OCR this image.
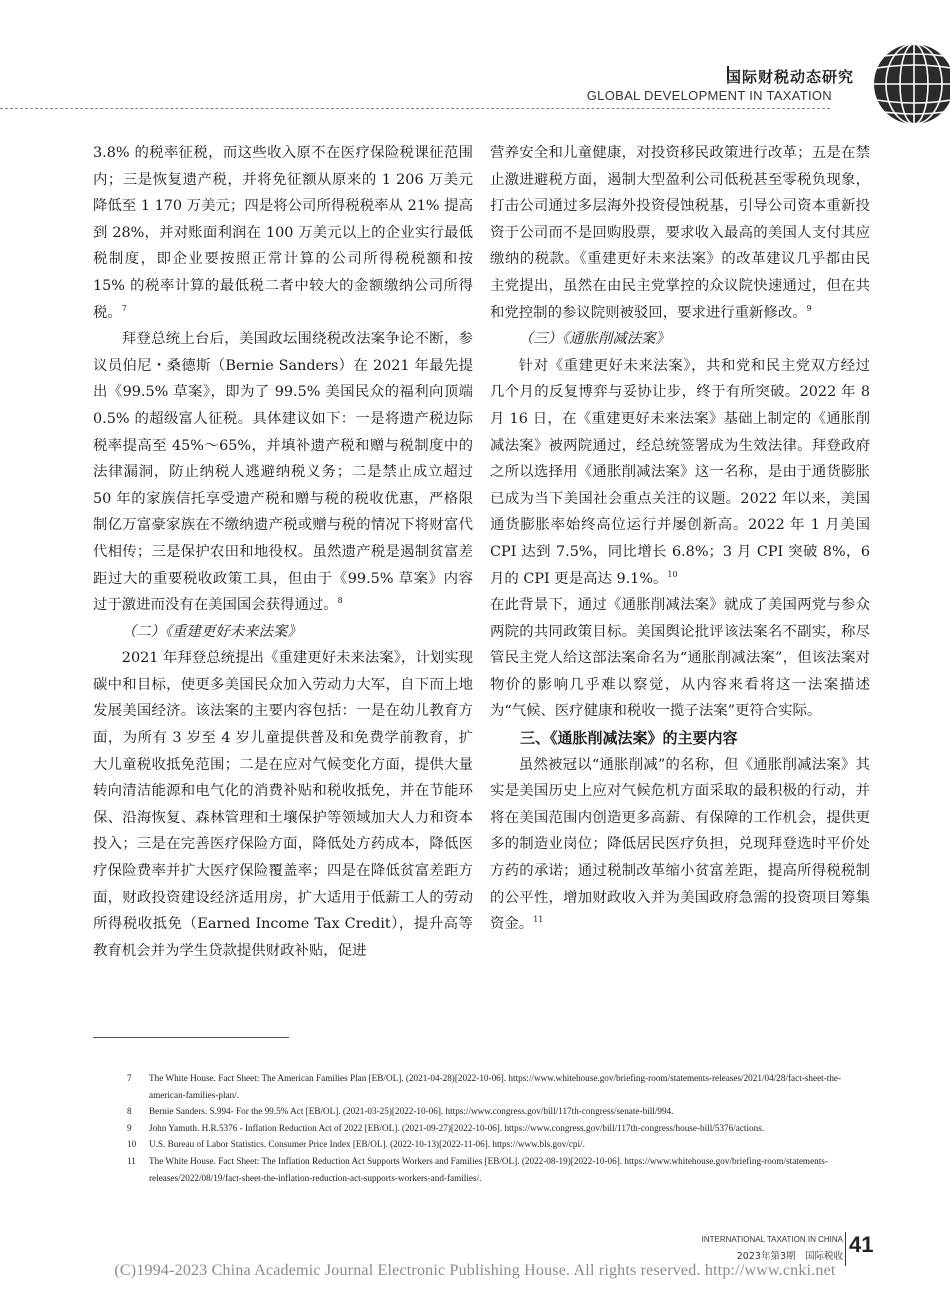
国际财税动态研究
GLOBAL DEVELOPMENT IN TAXATION

3.8% 的税率征税，而这些收入原不在医疗保险税课征范围内；三是恢复遗产税，并将免征额从原来的 1 206 万美元降低至 1 170 万美元；四是将公司所得税税率从 21% 提高到 28%，并对账面利润在 100 万美元以上的企业实行最低税制度，即企业要按照正常计算的公司所得税税额和按 15% 的税率计算的最低税二者中较大的金额缴纳公司所得税。$^7$

拜登总统上台后，美国政坛围绕税改法案争论不断，参议员伯尼・桑德斯（Bernie Sanders）在 2021 年最先提出《99.5% 草案》，即为了 99.5% 美国民众的福利向顶端 0.5% 的超级富人征税。具体建议如下：一是将遗产税边际税率提高至 45%～65%，并填补遗产税和赠与税制度中的法律漏洞，防止纳税人逃避纳税义务；二是禁止成立超过 50 年的家族信托享受遗产税和赠与税的税收优惠，严格限制亿万富豪家族在不缴纳遗产税或赠与税的情况下将财富代代相传；三是保护农田和地役权。虽然遗产税是遏制贫富差距过大的重要税收政策工具，但由于《99.5% 草案》内容过于激进而没有在美国国会获得通过。$^8$

（二）《重建更好未来法案》

2021 年拜登总统提出《重建更好未来法案》，计划实现碳中和目标，使更多美国民众加入劳动力大军，自下而上地发展美国经济。该法案的主要内容包括：一是在幼儿教育方面，为所有 3 岁至 4 岁儿童提供普及和免费学前教育，扩大儿童税收抵免范围；二是在应对气候变化方面，提供大量转向清洁能源和电气化的消费补贴和税收抵免，并在节能环保、沿海恢复、森林管理和土壤保护等领域加大人力和资本投入；三是在完善医疗保险方面，降低处方药成本，降低医疗保险费率并扩大医疗保险覆盖率；四是在降低贫富差距方面，财政投资建设经济适用房，扩大适用于低薪工人的劳动所得税收抵免（Earned Income Tax Credit），提升高等教育机会并为学生贷款提供财政补贴，促进

营养安全和儿童健康，对投资移民政策进行改革；五是在禁止激进避税方面，遏制大型盈利公司低税甚至零税负现象，打击公司通过多层海外投资侵蚀税基，引导公司资本重新投资于公司而不是回购股票，要求收入最高的美国人支付其应缴纳的税款。《重建更好未来法案》的改革建议几乎都由民主党提出，虽然在由民主党掌控的众议院快速通过，但在共和党控制的参议院则被驳回，要求进行重新修改。$^9$

（三）《通胀削减法案》

针对《重建更好未来法案》，共和党和民主党双方经过几个月的反复博弈与妥协让步，终于有所突破。2022 年 8 月 16 日，在《重建更好未来法案》基础上制定的《通胀削减法案》被两院通过，经总统签署成为生效法律。拜登政府之所以选择用《通胀削减法案》这一名称，是由于通货膨胀已成为当下美国社会重点关注的议题。2022 年以来，美国通货膨胀率始终高位运行并屡创新高。2022 年 1 月美国 CPI 达到 7.5%，同比增长 6.8%；3 月 CPI 突破 8%，6 月的 CPI 更是高达 9.1%。$^{10}$

在此背景下，通过《通胀削减法案》就成了美国两党与参众两院的共同政策目标。美国舆论批评该法案名不副实，称尽管民主党人给这部法案命名为“通胀削减法案”，但该法案对物价的影响几乎难以察觉，从内容来看将这一法案描述为“气候、医疗健康和税收一揽子法案”更符合实际。

三、《通胀削减法案》的主要内容

虽然被冠以“通胀削减”的名称，但《通胀削减法案》其实是美国历史上应对气候危机方面采取的最积极的行动，并将在美国范围内创造更多高薪、有保障的工作机会，提供更多的制造业岗位；降低居民医疗负担，兑现拜登选时平价处方药的承诺；通过税制改革缩小贫富差距，提高所得税税制的公平性，增加财政收入并为美国政府急需的投资项目筹集资金。$^{11}$

7	The White House. Fact Sheet: The American Families Plan [EB/OL]. (2021-04-28)[2022-10-06]. https://www.whitehouse.gov/briefing-room/statements-releases/2021/04/28/fact-sheet-the-american-families-plan/.
8	Bernie Sanders. S.994- For the 99.5% Act [EB/OL]. (2021-03-25)[2022-10-06]. https://www.congress.gov/bill/117th-congress/senate-bill/994.
9	John Yamuth. H.R.5376 - Inflation Reduction Act of 2022 [EB/OL]. (2021-09-27)[2022-10-06]. https://www.congress.gov/bill/117th-congress/house-bill/5376/actions.
10	U.S. Bureau of Labor Statistics. Consumer Price Index [EB/OL]. (2022-10-13)[2022-11-06]. https://www.bls.gov/cpi/.
11	The White House. Fact Sheet: The Inflation Reduction Act Supports Workers and Families [EB/OL]. (2022-08-19)[2022-10-06]. https://www.whitehouse.gov/briefing-room/statements-releases/2022/08/19/fact-sheet-the-inflation-reduction-act-supports-workers-and-families/.
INTERNATIONAL TAXATION IN CHINA
2023年第3期　国际税收 41
(C)1994-2023 China Academic Journal Electronic Publishing House. All rights reserved. http://www.cnki.net
